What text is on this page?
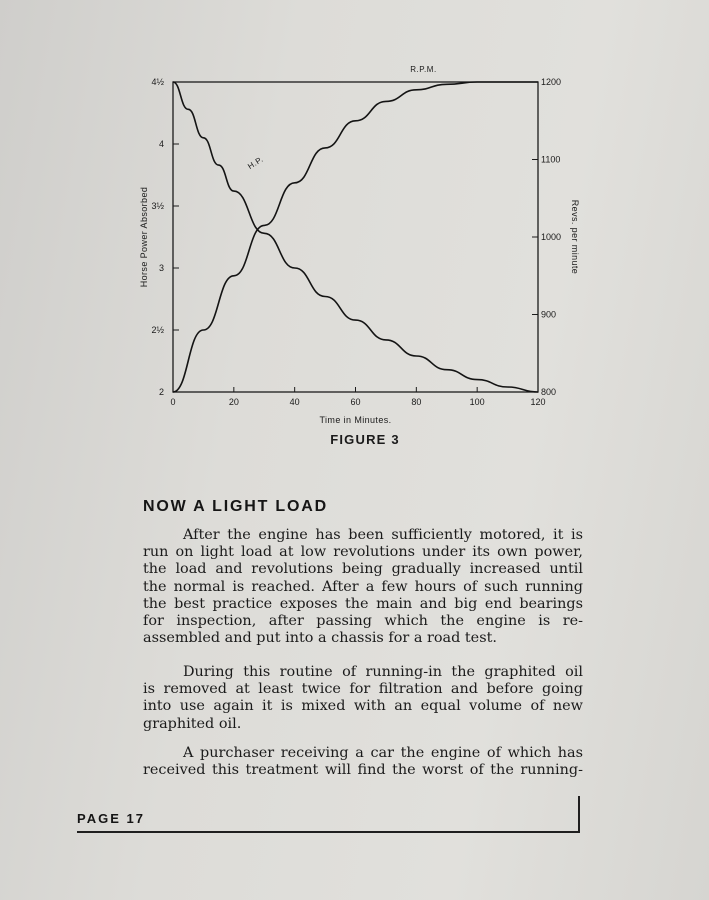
2
2½
3
3½
4
4½
800
900
1000
1100
1200
0	20	40	60	80	100	120
Time in Minutes.
Horse Power Absorbed	Revs. per minute
H.P.
R.P.M.
FIGURE 3
NOW A LIGHT LOAD
After the engine has been sufficiently motored, it is
run on light load at low revolutions under its own power,
the load and revolutions being gradually increased until
the normal is reached. After a few hours of such running
the best practice exposes the main and big end bearings
for inspection, after passing which the engine is re-
assembled and put into a chassis for a road test.
During this routine of running-in the graphited oil
is removed at least twice for filtration and before going
into use again it is mixed with an equal volume of new
graphited oil.
A purchaser receiving a car the engine of which has
received this treatment will find the worst of the running-
PAGE 17
